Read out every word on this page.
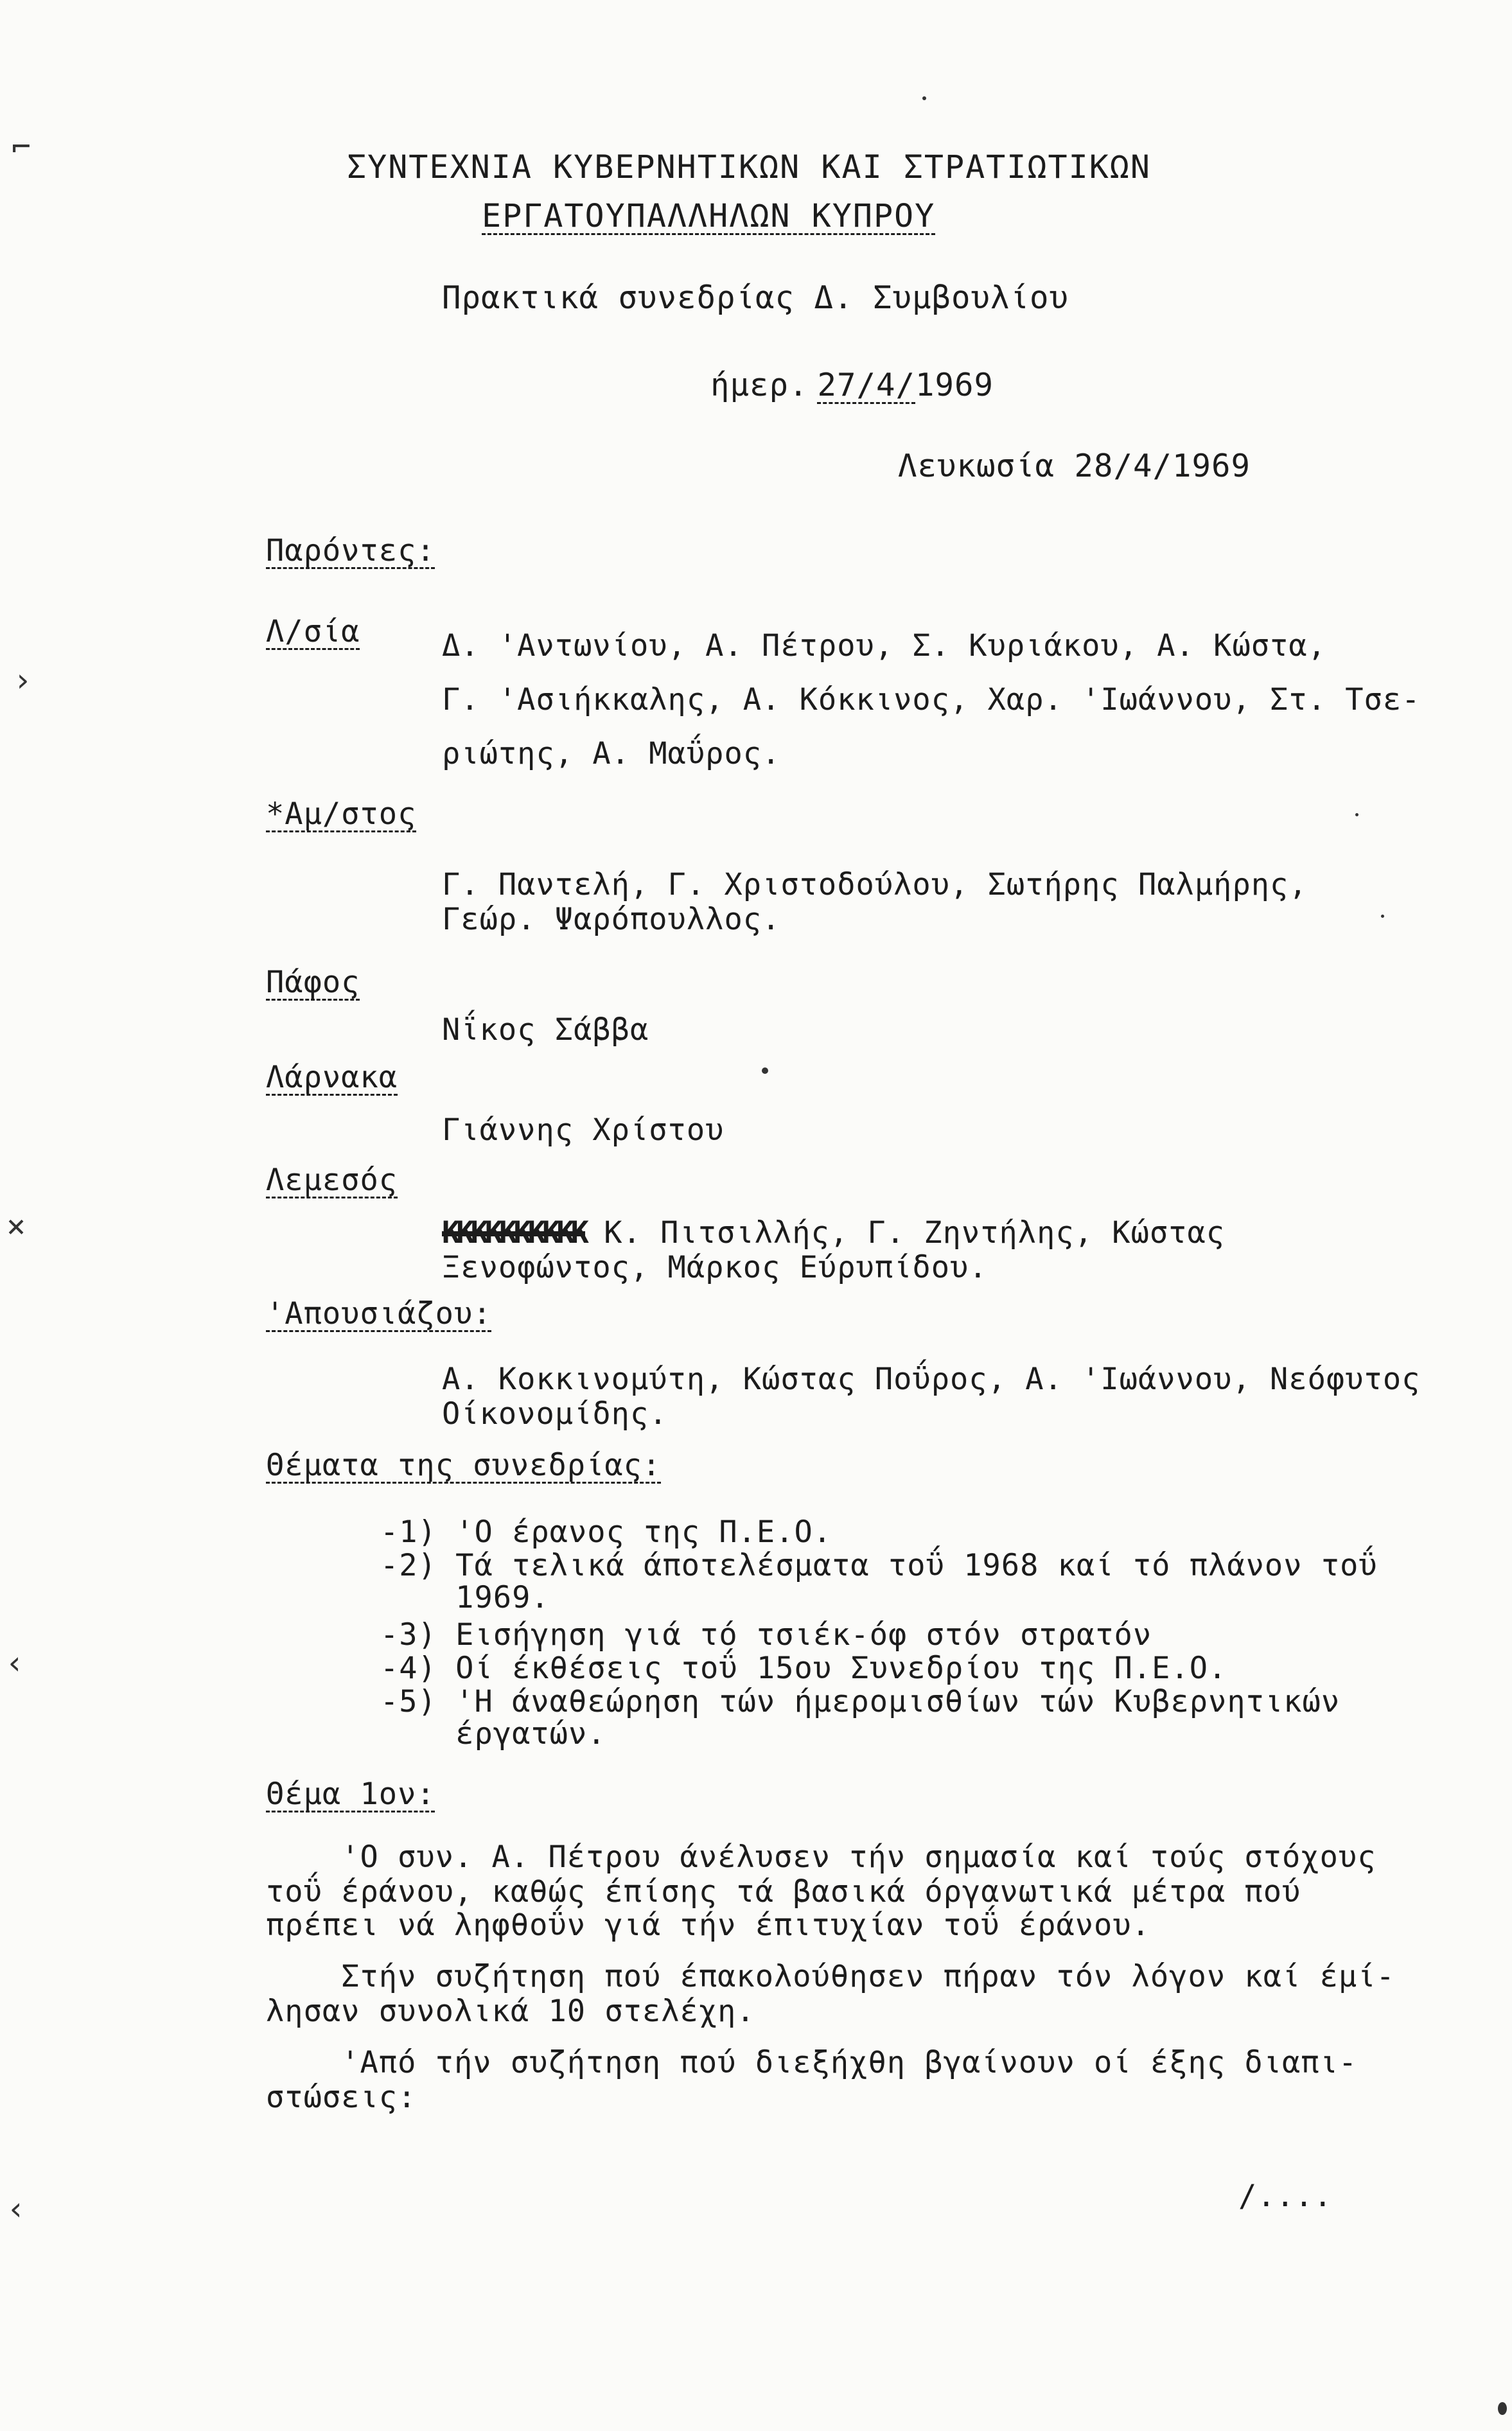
ΣΥΝΤΕΧΝΙΑ ΚΥΒΕΡΝΗΤΙΚΩΝ ΚΑΙ ΣΤΡΑΤΙΩΤΙΚΩΝ
ΕΡΓΑΤΟΥΠΑΛΛΗΛΩΝ ΚΥΠΡΟΥ
Πρακτικά συνεδρίας Δ. Συμβουλίου

ήμερ. 27/4/1969

Λευκωσία 28/4/1969
Παρόντες:
Λ/σία	Δ. 'Αντωνίου, Α. Πέτρου, Σ. Κυριάκου, Α. Κώστα,
Γ. 'Ασιήκκαλης, Α. Κόκκινος, Χαρ. 'Ιωάννου, Στ. Τσε-
ριώτης, Α. Μαΰρος.
*Αμ/στος
Γ. Παντελή, Γ. Χριστοδούλου, Σωτήρης Παλμήρης,
Γεώρ. Ψαρόπουλλος.
Πάφος
Νΐκος Σάββα
Λάρνακα
Γιάννης Χρίστου
Λεμεσός
ΚΚΚΚΚΚΚΚΚΚ Κ. Πιτσιλλής, Γ. Ζηντήλης, Κώστας
Ξενοφώντος, Μάρκος Εύρυπίδου.
'Απουσιάζου:
Α. Κοκκινομύτη, Κώστας Ποΰρος, Α. 'Ιωάννου, Νεόφυτος
Οίκονομίδης.
Θέματα της συνεδρίας:
-1) 'Ο έρανος της Π.Ε.Ο.
-2) Τά τελικά άποτελέσματα τοΰ 1968 καί τό πλάνον τοΰ
1969.
-3) Εισήγηση γιά τό τσιέκ-όφ στόν στρατόν
-4) Οί έκθέσεις τοΰ 15ου Συνεδρίου της Π.Ε.Ο.
-5) 'Η άναθεώρηση τών ήμερομισθίων τών Κυβερνητικών
έργατών.
Θέμα 1ον:
'Ο συν. Α. Πέτρου άνέλυσεν τήν σημασία καί τούς στόχους
τοΰ έράνου, καθώς έπίσης τά βασικά όργανωτικά μέτρα πού
πρέπει νά ληφθοΰν γιά τήν έπιτυχίαν τοΰ έράνου.
Στήν συζήτηση πού έπακολούθησεν πήραν τόν λόγον καί έμί-
λησαν συνολικά 10 στελέχη.
'Από τήν συζήτηση πού διεξήχθη βγαίνουν οί έξης διαπι-
στώσεις:
/....
⌐
›
×
‹
‹
